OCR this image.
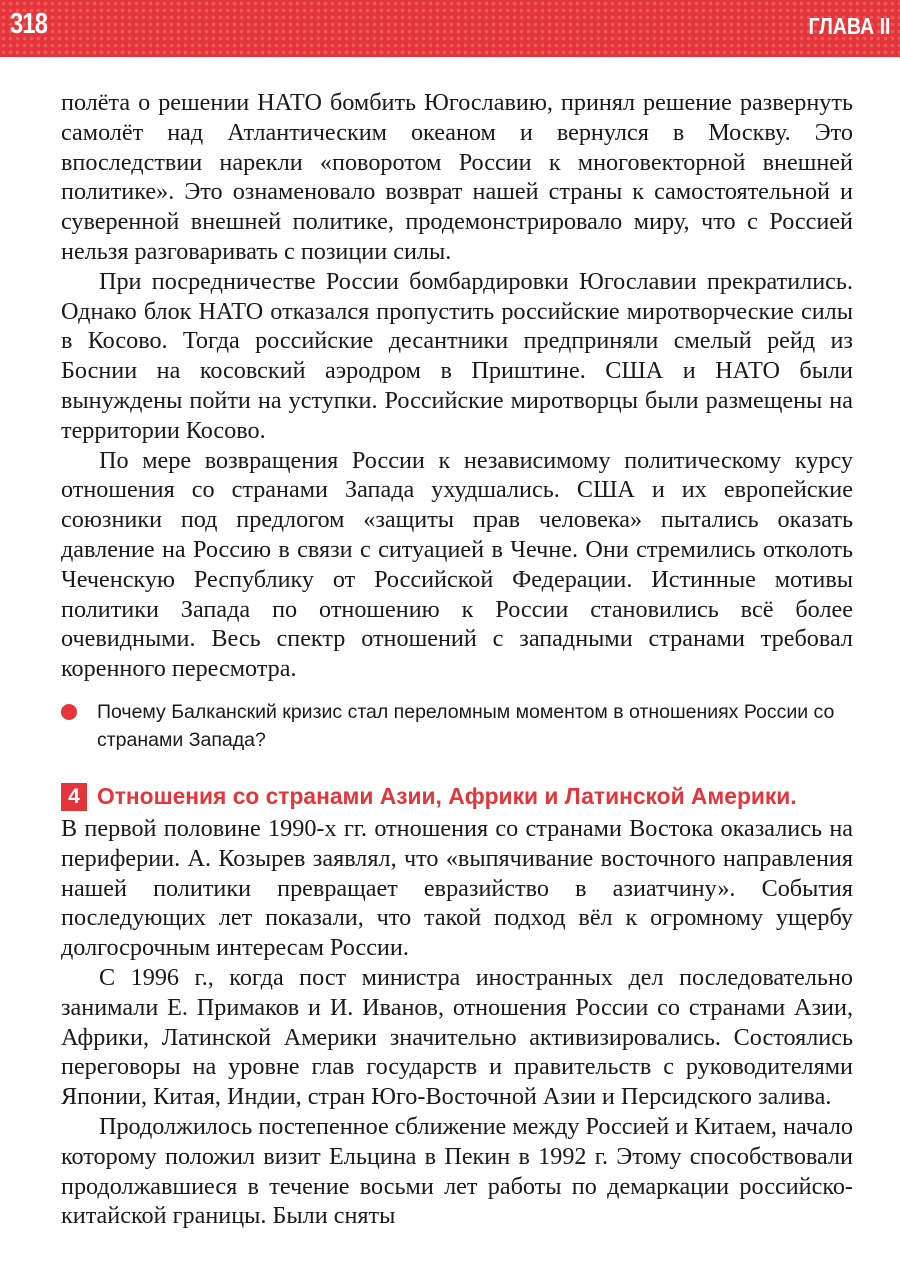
318	ГЛАВА II

полёта о решении НАТО бомбить Югославию, принял решение развернуть самолёт над Атлантическим океаном и вернулся в Москву. Это впоследствии нарекли «поворотом России к многовекторной внешней политике». Это ознаменовало возврат нашей страны к самостоятельной и суверенной внешней политике, продемонстрировало миру, что с Россией нельзя разговаривать с позиции силы.

При посредничестве России бомбардировки Югославии прекратились. Однако блок НАТО отказался пропустить российские миротворческие силы в Косово. Тогда российские десантники предприняли смелый рейд из Боснии на косовский аэродром в Приштине. США и НАТО были вынуждены пойти на уступки. Российские миротворцы были размещены на территории Косово.

По мере возвращения России к независимому политическому курсу отношения со странами Запада ухудшались. США и их европейские союзники под предлогом «защиты прав человека» пытались оказать давление на Россию в связи с ситуацией в Чечне. Они стремились отколоть Чеченскую Республику от Российской Федерации. Истинные мотивы политики Запада по отношению к России становились всё более очевидными. Весь спектр отношений с западными странами требовал коренного пересмотра.

Почему Балканский кризис стал переломным моментом в отношениях России со странами Запада?
4 Отношения со странами Азии, Африки и Латинской Америки.

В первой половине 1990-х гг. отношения со странами Востока оказались на периферии. А. Козырев заявлял, что «выпячивание восточного направления нашей политики превращает евразийство в азиатчину». События последующих лет показали, что такой подход вёл к огромному ущербу долгосрочным интересам России.

С 1996 г., когда пост министра иностранных дел последовательно занимали Е. Примаков и И. Иванов, отношения России со странами Азии, Африки, Латинской Америки значительно активизировались. Состоялись переговоры на уровне глав государств и правительств с руководителями Японии, Китая, Индии, стран Юго-Восточной Азии и Персидского залива.

Продолжилось постепенное сближение между Россией и Китаем, начало которому положил визит Ельцина в Пекин в 1992 г. Этому способствовали продолжавшиеся в течение восьми лет работы по демаркации российско-китайской границы. Были сняты
